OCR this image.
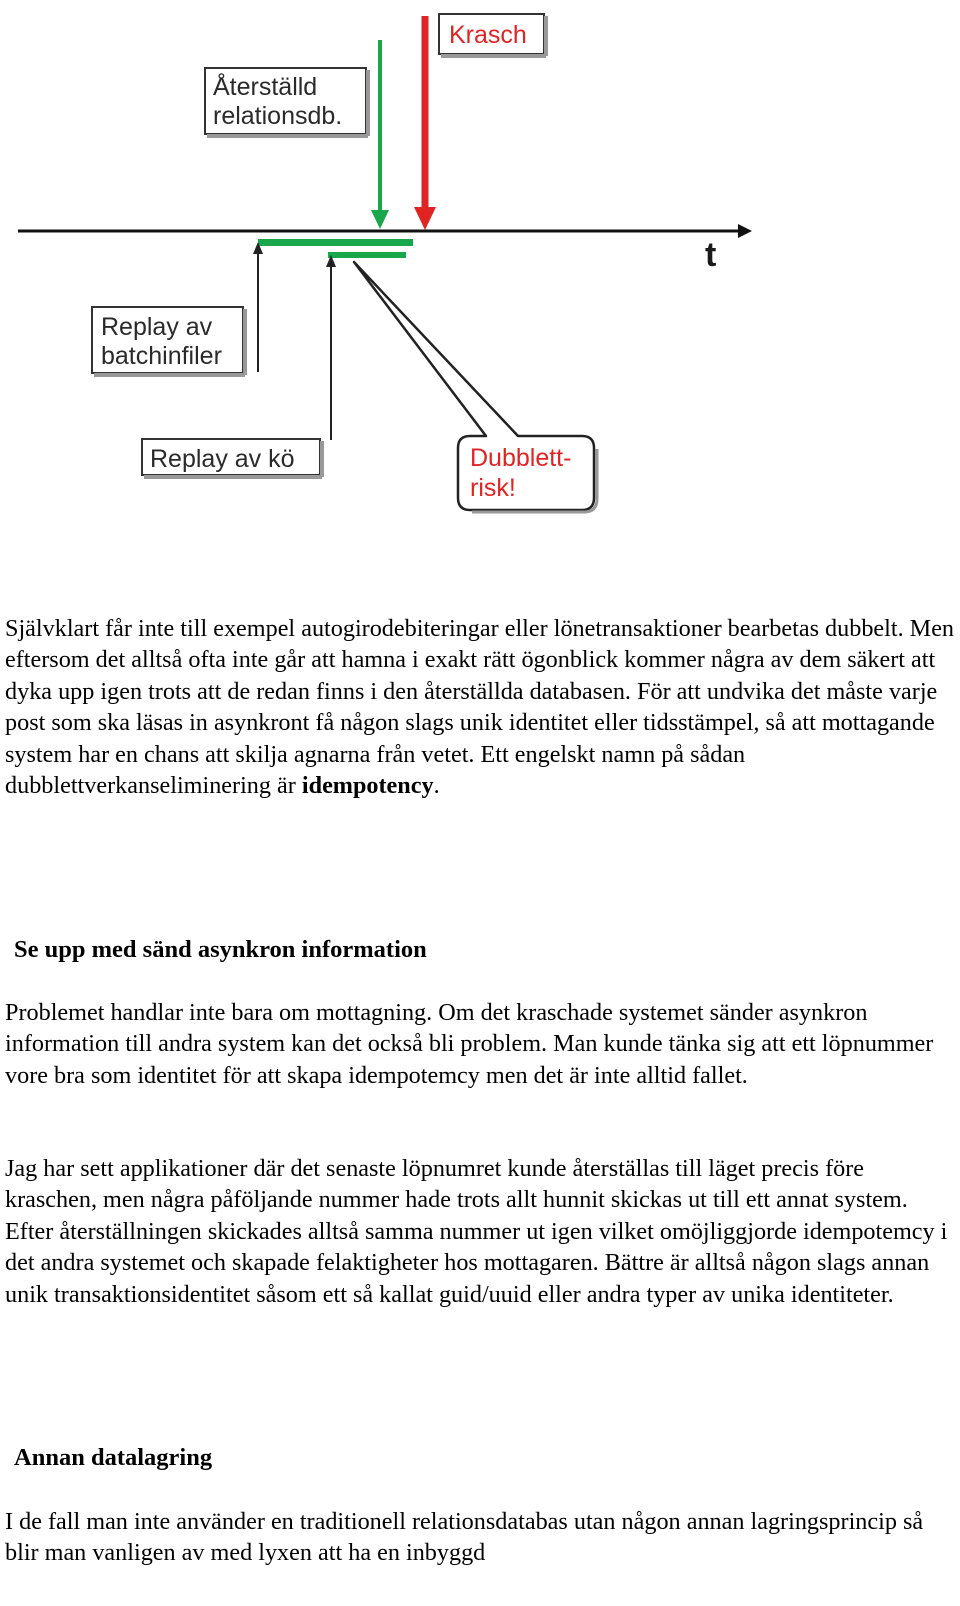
t
Krasch
Återställd
relationsdb.
Replay av
batchinfiler
Replay av kö	Dubblett-
risk!

Självklart får inte till exempel autogirodebiteringar eller lönetransaktioner bearbetas dubbelt. Men eftersom det alltså ofta inte går att hamna i exakt rätt ögonblick kommer några av dem säkert att dyka upp igen trots att de redan finns i den återställda databasen. För att undvika det måste varje post som ska läsas in asynkront få någon slags unik identitet eller tidsstämpel, så att mottagande system har en chans att skilja agnarna från vetet. Ett engelskt namn på sådan dubblettverkanseliminering är idempotency.

Se upp med sänd asynkron information

Problemet handlar inte bara om mottagning. Om det kraschade systemet sänder asynkron information till andra system kan det också bli problem. Man kunde tänka sig att ett löpnummer vore bra som identitet för att skapa idempotemcy men det är inte alltid fallet.

Jag har sett applikationer där det senaste löpnumret kunde återställas till läget precis före kraschen, men några påföljande nummer hade trots allt hunnit skickas ut till ett annat system. Efter återställningen skickades alltså samma nummer ut igen vilket omöjliggjorde idempotemcy i det andra systemet och skapade felaktigheter hos mottagaren. Bättre är alltså någon slags annan unik transaktionsidentitet såsom ett så kallat guid/uuid eller andra typer av unika identiteter.

Annan datalagring

I de fall man inte använder en traditionell relationsdatabas utan någon annan lagringsprincip så blir man vanligen av med lyxen att ha en inbyggd
